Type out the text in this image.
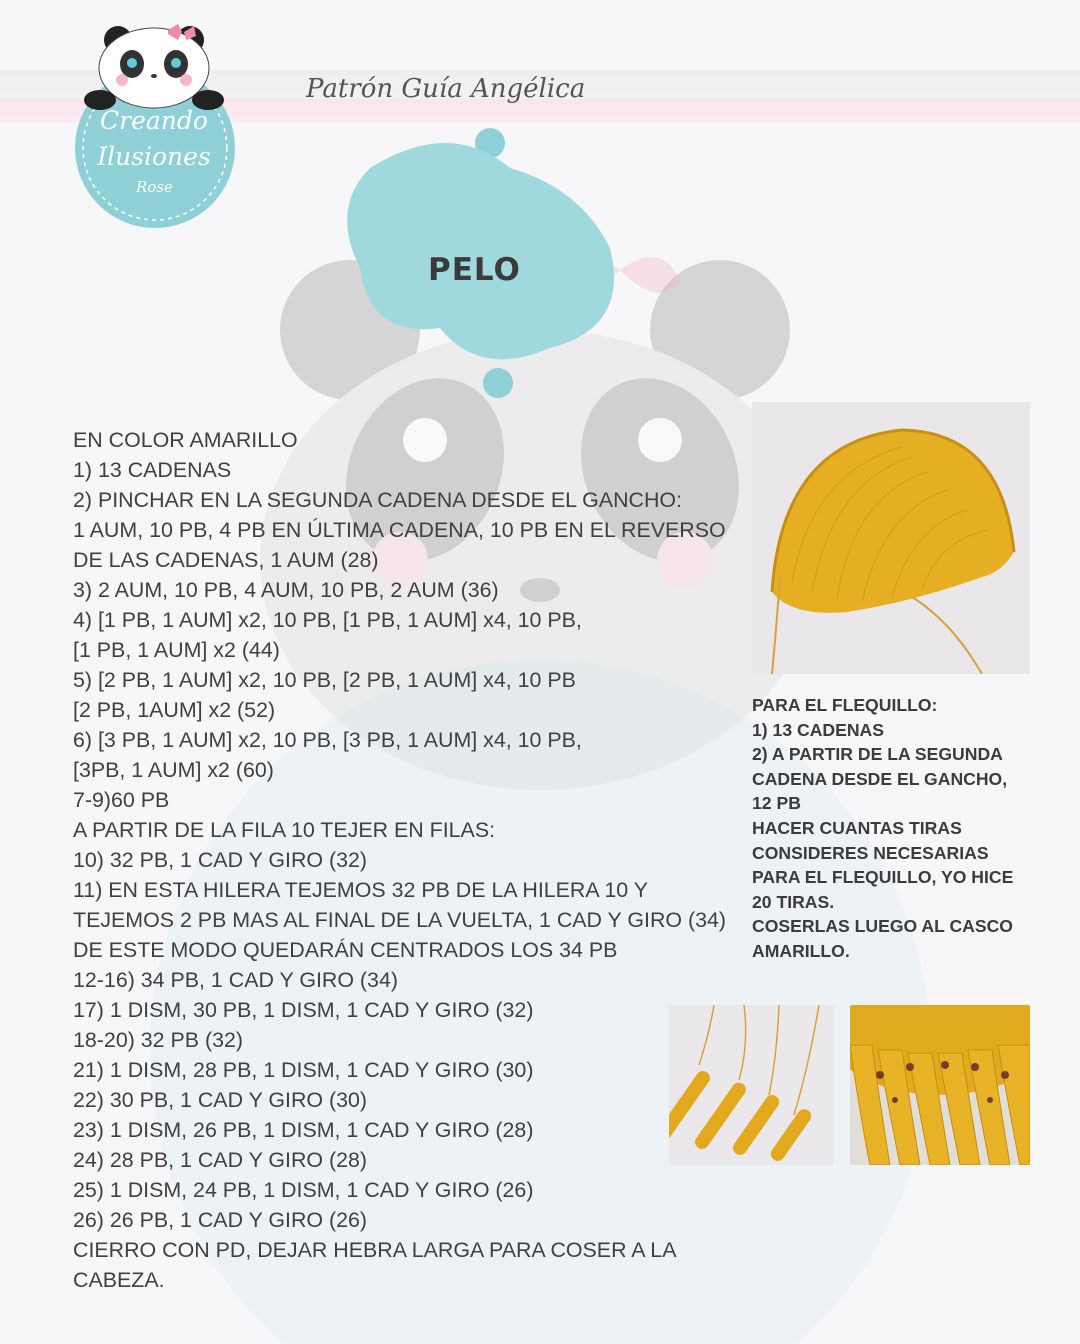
Patrón Guía Angélica
Creando
Ilusiones
Rose
PELO
EN COLOR AMARILLO
1) 13 CADENAS
2) PINCHAR EN LA SEGUNDA CADENA DESDE EL GANCHO:
1 AUM, 10 PB, 4 PB EN ÚLTIMA CADENA, 10 PB EN EL REVERSO
DE LAS CADENAS, 1 AUM (28)
3) 2 AUM, 10 PB, 4 AUM, 10 PB, 2 AUM (36)
4) [1 PB, 1 AUM] x2, 10 PB, [1 PB, 1 AUM] x4, 10 PB,
[1 PB, 1 AUM] x2 (44)
5) [2 PB, 1 AUM] x2, 10 PB, [2 PB, 1 AUM] x4, 10 PB
[2 PB, 1AUM] x2 (52)
6) [3 PB, 1 AUM] x2, 10 PB, [3 PB, 1 AUM] x4, 10 PB,
[3PB, 1 AUM] x2 (60)
7-9)60 PB
A PARTIR DE LA FILA 10 TEJER EN FILAS:
10) 32 PB, 1 CAD Y GIRO (32)
11) EN ESTA HILERA TEJEMOS 32 PB DE LA HILERA 10 Y
TEJEMOS 2 PB MAS AL FINAL DE LA VUELTA, 1 CAD Y GIRO (34)
DE ESTE MODO QUEDARÁN CENTRADOS LOS 34 PB
12-16) 34 PB, 1 CAD Y GIRO (34)
17) 1 DISM, 30 PB, 1 DISM, 1 CAD Y GIRO (32)
18-20) 32 PB (32)
21) 1 DISM, 28 PB, 1 DISM, 1 CAD Y GIRO (30)
22) 30 PB, 1 CAD Y GIRO (30)
23) 1 DISM, 26 PB, 1 DISM, 1 CAD Y GIRO (28)
24) 28 PB, 1 CAD Y GIRO (28)
25) 1 DISM, 24 PB, 1 DISM, 1 CAD Y GIRO (26)
26) 26 PB, 1 CAD Y GIRO (26)
CIERRO CON PD, DEJAR HEBRA LARGA PARA COSER A LA
CABEZA.
PARA EL FLEQUILLO:
1) 13 CADENAS
2) A PARTIR DE LA SEGUNDA
CADENA DESDE EL GANCHO,
12 PB
HACER CUANTAS TIRAS
CONSIDERES NECESARIAS
PARA EL FLEQUILLO, YO HICE
20 TIRAS.
COSERLAS LUEGO AL CASCO
AMARILLO.
